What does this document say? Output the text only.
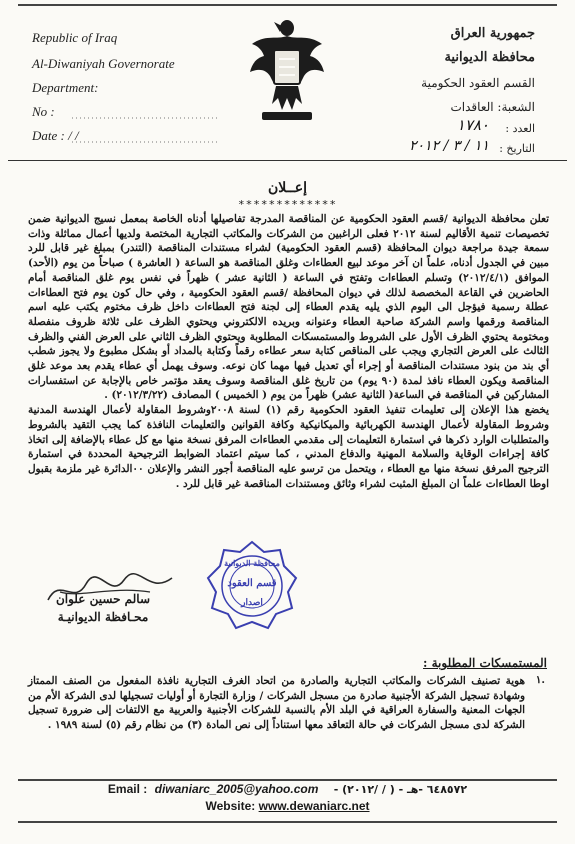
Republic of Iraq
Al-Diwaniyah Governorate
Department:
No :
Date : / /
جمهورية العراق
محافظة الديوانية
القسم العقود الحكومية
الشعبة: العاقدات
العدد :
١٧٨٠
التاريخ :
١١ / ٣ / ٢٠١٢
إعــلان
*************

تعلن محافظة الديوانية /قسم العقود الحكومية عن المناقصة المدرجة تفاصيلها أدناه الخاصة بمعمل نسيج الديوانية ضمن تخصيصات تنمية الأقاليم لسنة ٢٠١٢ فعلى الراغبين من الشركات والمكاتب التجارية المختصة ولديها أعمال مماثلة وذات سمعة جيدة مراجعة ديوان المحافظة (قسم العقود الحكومية) لشراء مستندات المناقصة (التندر) بمبلغ غير قابل للرد مبين في الجدول أدناه، علماً ان آخر موعد لبيع العطاءات وغلق المناقصة هو الساعة ( العاشرة ) صباحاً من يوم (الأحد) الموافق (٢٠١٢/٤/١) وتسلم العطاءات وتفتح في الساعة ( الثانية عشر ) ظهراً في نفس يوم غلق المناقصة أمام الحاضرين في القاعة المخصصة لذلك في ديوان المحافظة /قسم العقود الحكومية ، وفي حال كون يوم فتح العطاءات عطلة رسمية فيؤجل الى اليوم الذي يليه يقدم العطاء إلى لجنة فتح العطاءات داخل ظرف مختوم يكتب عليه اسم المناقصة ورقمها واسم الشركة صاحبة العطاء وعنوانه وبريده الالكتروني ويحتوي الظرف على ثلاثة ظروف منفصلة ومختومة يحتوي الظرف الأول على الشروط والمستمسكات المطلوبة ويحتوي الظرف الثاني على العرض الفني والظرف الثالث على العرض التجاري ويجب على المناقص كتابة سعر عطاءه رقماً وكتابة بالمداد أو بشكل مطبوع ولا يجوز شطب أي بند من بنود مستندات المناقصة أو إجراء أي تعديل فيها مهما كان نوعه. وسوف يهمل أي عطاء يقدم بعد موعد غلق المناقصة ويكون العطاء نافذ لمدة (٩٠ يوم) من تاريخ غلق المناقصة وسوف يعقد مؤتمر خاص بالإجابة عن استفسارات المشاركين في المناقصة في الساعة( الثانية عشر) ظهراً من يوم ( الخميس ) المصادف (٢٠١٢/٣/٢٢) .

يخضع هذا الإعلان إلى تعليمات تنفيذ العقود الحكومية رقم (١) لسنة ٢٠٠٨وشروط المقاولة لأعمال الهندسة المدنية وشروط المقاولة لأعمال الهندسة الكهربائية والميكانيكية وكافة القوانين والتعليمات النافذة كما يجب التقيد بالشروط والمتطلبات الوارد ذكرها في استمارة التعليمات إلى مقدمي العطاءات المرفق نسخة منها مع كل عطاء بالإضافة إلى اتخاذ كافة إجراءات الوقاية والسلامة المهنية والدفاع المدني ، كما سيتم اعتماد الضوابط الترجيحية المحددة في استمارة الترجيح المرفق نسخة منها مع العطاء ، ويتحمل من ترسو عليه المناقصة أجور النشر والإعلان ٠٠الدائرة غير ملزمة بقبول اوطا العطاءات علماً ان المبلغ المثبت لشراء وثائق ومستندات المناقصة غير قابل للرد .

محافظة الديوانية
قسم العقود
اصدار
سالم حسين علوان
محـافظة الديوانيـة
المستمسكات المطلوبة :
١.
هوية تصنيف الشركات والمكاتب التجارية والصادرة من اتحاد الغرف التجارية نافذة المفعول من الصنف الممتاز وشهادة تسجيل الشركة الأجنبية صادرة من مسجل الشركات / وزارة التجارة أو أوليات تسجيلها لدى الشركة الأم من الجهات المعنية والسفارة العراقية في البلد الأم بالنسبة للشركات الأجنبية والعربية مع الالتفات إلى ضرورة تسجيل الشركة لدى مسجل الشركات في حالة التعاقد معها استناداً إلى نص المادة (٣) من نظام رقم (٥) لسنة ١٩٨٩ .
Email : diwaniarc_2005@yahoo.com - (٢٠١٢/ / ) - ٦٤٨٥٧٢ -هـ
Website: www.dewaniarc.net
